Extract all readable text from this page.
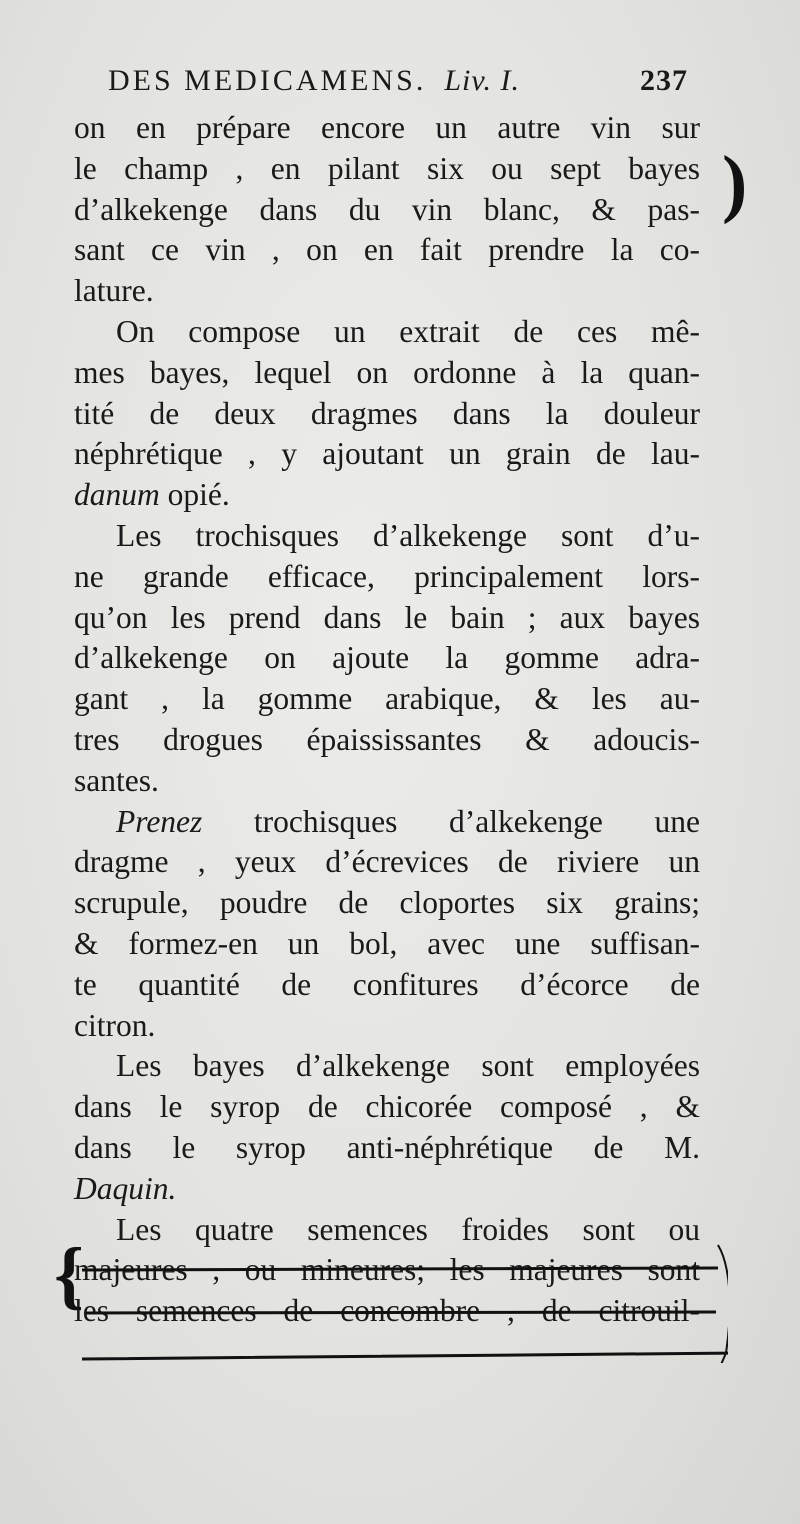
DES MEDICAMENS. Liv. I.	237
on en prépare encore un autre vin sur
le champ , en pilant six ou sept bayes
d’alkekenge dans du vin blanc, & pas-
sant ce vin , on en fait prendre la co-
lature.
On compose un extrait de ces mê-
mes bayes, lequel on ordonne à la quan-
tité de deux dragmes dans la douleur
néphrétique , y ajoutant un grain de lau-
danum opié.
Les trochisques d’alkekenge sont d’u-
ne grande efficace, principalement lors-
qu’on les prend dans le bain ; aux bayes
d’alkekenge on ajoute la gomme adra-
gant , la gomme arabique, & les au-
tres drogues épaississantes & adoucis-
santes.
Prenez trochisques d’alkekenge une
dragme , yeux d’écrevices de riviere un
scrupule, poudre de cloportes six grains;
& formez-en un bol, avec une suffisan-
te quantité de confitures d’écorce de
citron.
Les bayes d’alkekenge sont employées
dans le syrop de chicorée composé , &
dans le syrop anti-néphrétique de M.
Daquin.
Les quatre semences froides sont ou
majeures , ou mineures; les majeures sont
les semences de concombre , de citrouil-
)
{
